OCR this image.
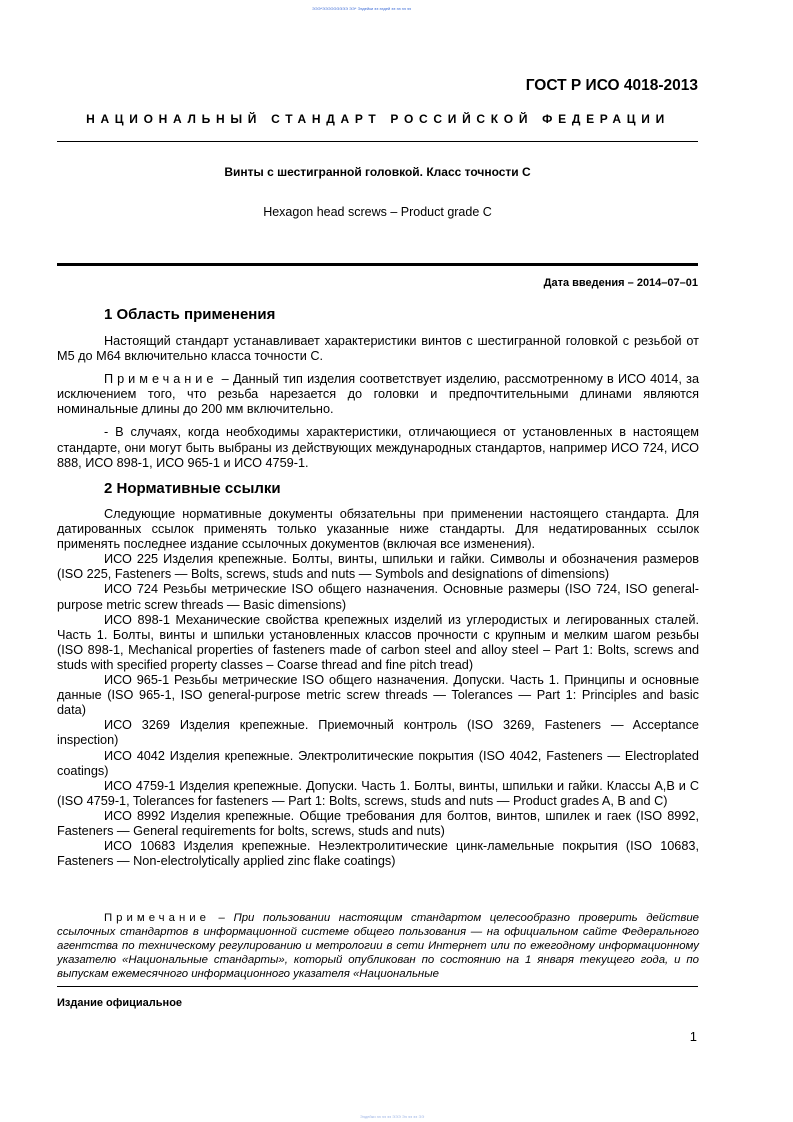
ЭЭЭ*ЭЭЭЭЭЭЭЭЭ ЭЭ* Ээдейки ээ ээдей ээ ээ ээ ээ
ГОСТ Р ИСО 4018-2013
НАЦИОНАЛЬНЫЙ СТАНДАРТ РОССИЙСКОЙ ФЕДЕРАЦИИ
Винты с шестигранной головкой. Класс точности С
Hexagon head screws – Product grade C
Дата введения – 2014–07–01
1 Область применения

Настоящий стандарт устанавливает характеристики винтов с шестигранной головкой с резьбой от М5 до М64 включительно класса точности С.

Примечание – Данный тип изделия соответствует изделию, рассмотренному в ИСО 4014, за исключением того, что резьба нарезается до головки и предпочтительными длинами являются номинальные длины до 200 мм включительно.

- В случаях, когда необходимы характеристики, отличающиеся от установленных в настоящем стандарте, они могут быть выбраны из действующих международных стандартов, например ИСО 724, ИСО 888, ИСО 898-1, ИСО 965-1 и ИСО 4759-1.

2 Нормативные ссылки

Следующие нормативные документы обязательны при применении настоящего стандарта. Для датированных ссылок применять только указанные ниже стандарты. Для недатированных ссылок применять последнее издание ссылочных документов (включая все изменения).

ИСО 225 Изделия крепежные. Болты, винты, шпильки и гайки. Символы и обозначения размеров (ISO 225, Fasteners — Bolts, screws, studs and nuts — Symbols and designations of dimensions)

ИСО 724 Резьбы метрические ISO общего назначения. Основные размеры (ISO 724, ISO general-purpose metric screw threads — Basic dimensions)

ИСО 898-1 Механические свойства крепежных изделий из углеродистых и легированных сталей. Часть 1. Болты, винты и шпильки установленных классов прочности с крупным и мелким шагом резьбы (ISO 898-1, Mechanical properties of fasteners made of carbon steel and alloy steel – Part 1: Bolts, screws and studs with specified property classes – Coarse thread and fine pitch tread)

ИСО 965-1 Резьбы метрические ISO общего назначения. Допуски. Часть 1. Принципы и основные данные (ISO 965-1, ISO general-purpose metric screw threads — Tolerances — Part 1: Principles and basic data)

ИСО 3269 Изделия крепежные. Приемочный контроль (ISO 3269, Fasteners — Acceptance inspection)

ИСО 4042 Изделия крепежные. Электролитические покрытия (ISO 4042, Fasteners — Electroplated coatings)

ИСО 4759-1 Изделия крепежные. Допуски. Часть 1. Болты, винты, шпильки и гайки. Классы А,В и С (ISO 4759-1, Tolerances for fasteners — Part 1: Bolts, screws, studs and nuts — Product grades A, B and C)

ИСО 8992 Изделия крепежные. Общие требования для болтов, винтов, шпилек и гаек (ISO 8992, Fasteners — General requirements for bolts, screws, studs and nuts)

ИСО 10683 Изделия крепежные. Неэлектролитические цинк-ламельные покрытия (ISO 10683, Fasteners — Non-electrolytically applied zinc flake coatings)

Примечание – При пользовании настоящим стандартом целесообразно проверить действие ссылочных стандартов в информационной системе общего пользования — на официальном сайте Федерального агентства по техническому регулированию и метрологии в сети Интернет или по ежегодному информационному указателю «Национальные стандарты», который опубликован по состоянию на 1 января текущего года, и по выпускам ежемесячного информационного указателя «Национальные

Издание официальное
1
Ээдейки ээ ээ ээ ЭЭЭ Ээ ээ ээ ЭЭ
